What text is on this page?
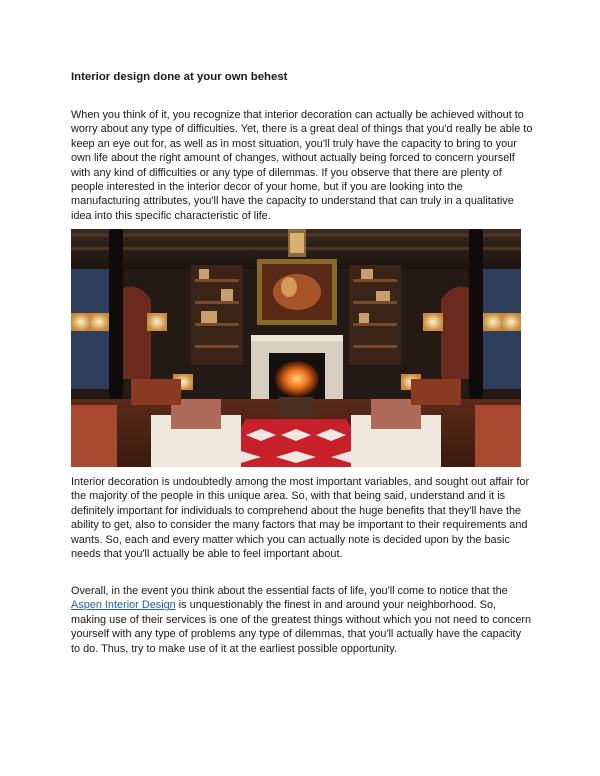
Interior design done at your own behest

When you think of it, you recognize that interior decoration can actually be achieved without to worry about any type of difficulties. Yet, there is a great deal of things that you'd really be able to keep an eye out for, as well as in most situation, you'll truly have the capacity to bring to your own life about the right amount of changes, without actually being forced to concern yourself with any kind of difficulties or any type of dilemmas. If you observe that there are plenty of people interested in the interior decor of your home, but if you are looking into the manufacturing attributes, you'll have the capacity to understand that can truly in a qualitative idea into this specific characteristic of life.

Interior decoration is undoubtedly among the most important variables, and sought out affair for the majority of the people in this unique area. So, with that being said, understand and it is definitely important for individuals to comprehend about the huge benefits that they'll have the ability to get, also to consider the many factors that may be important to their requirements and wants. So, each and every matter which you can actually note is decided upon by the basic needs that you'll actually be able to feel important about.

Overall, in the event you think about the essential facts of life, you'll come to notice that the Aspen Interior Design is unquestionably the finest in and around your neighborhood. So, making use of their services is one of the greatest things without which you not need to concern yourself with any type of problems any type of dilemmas, that you'll actually have the capacity to do. Thus, try to make use of it at the earliest possible opportunity.
